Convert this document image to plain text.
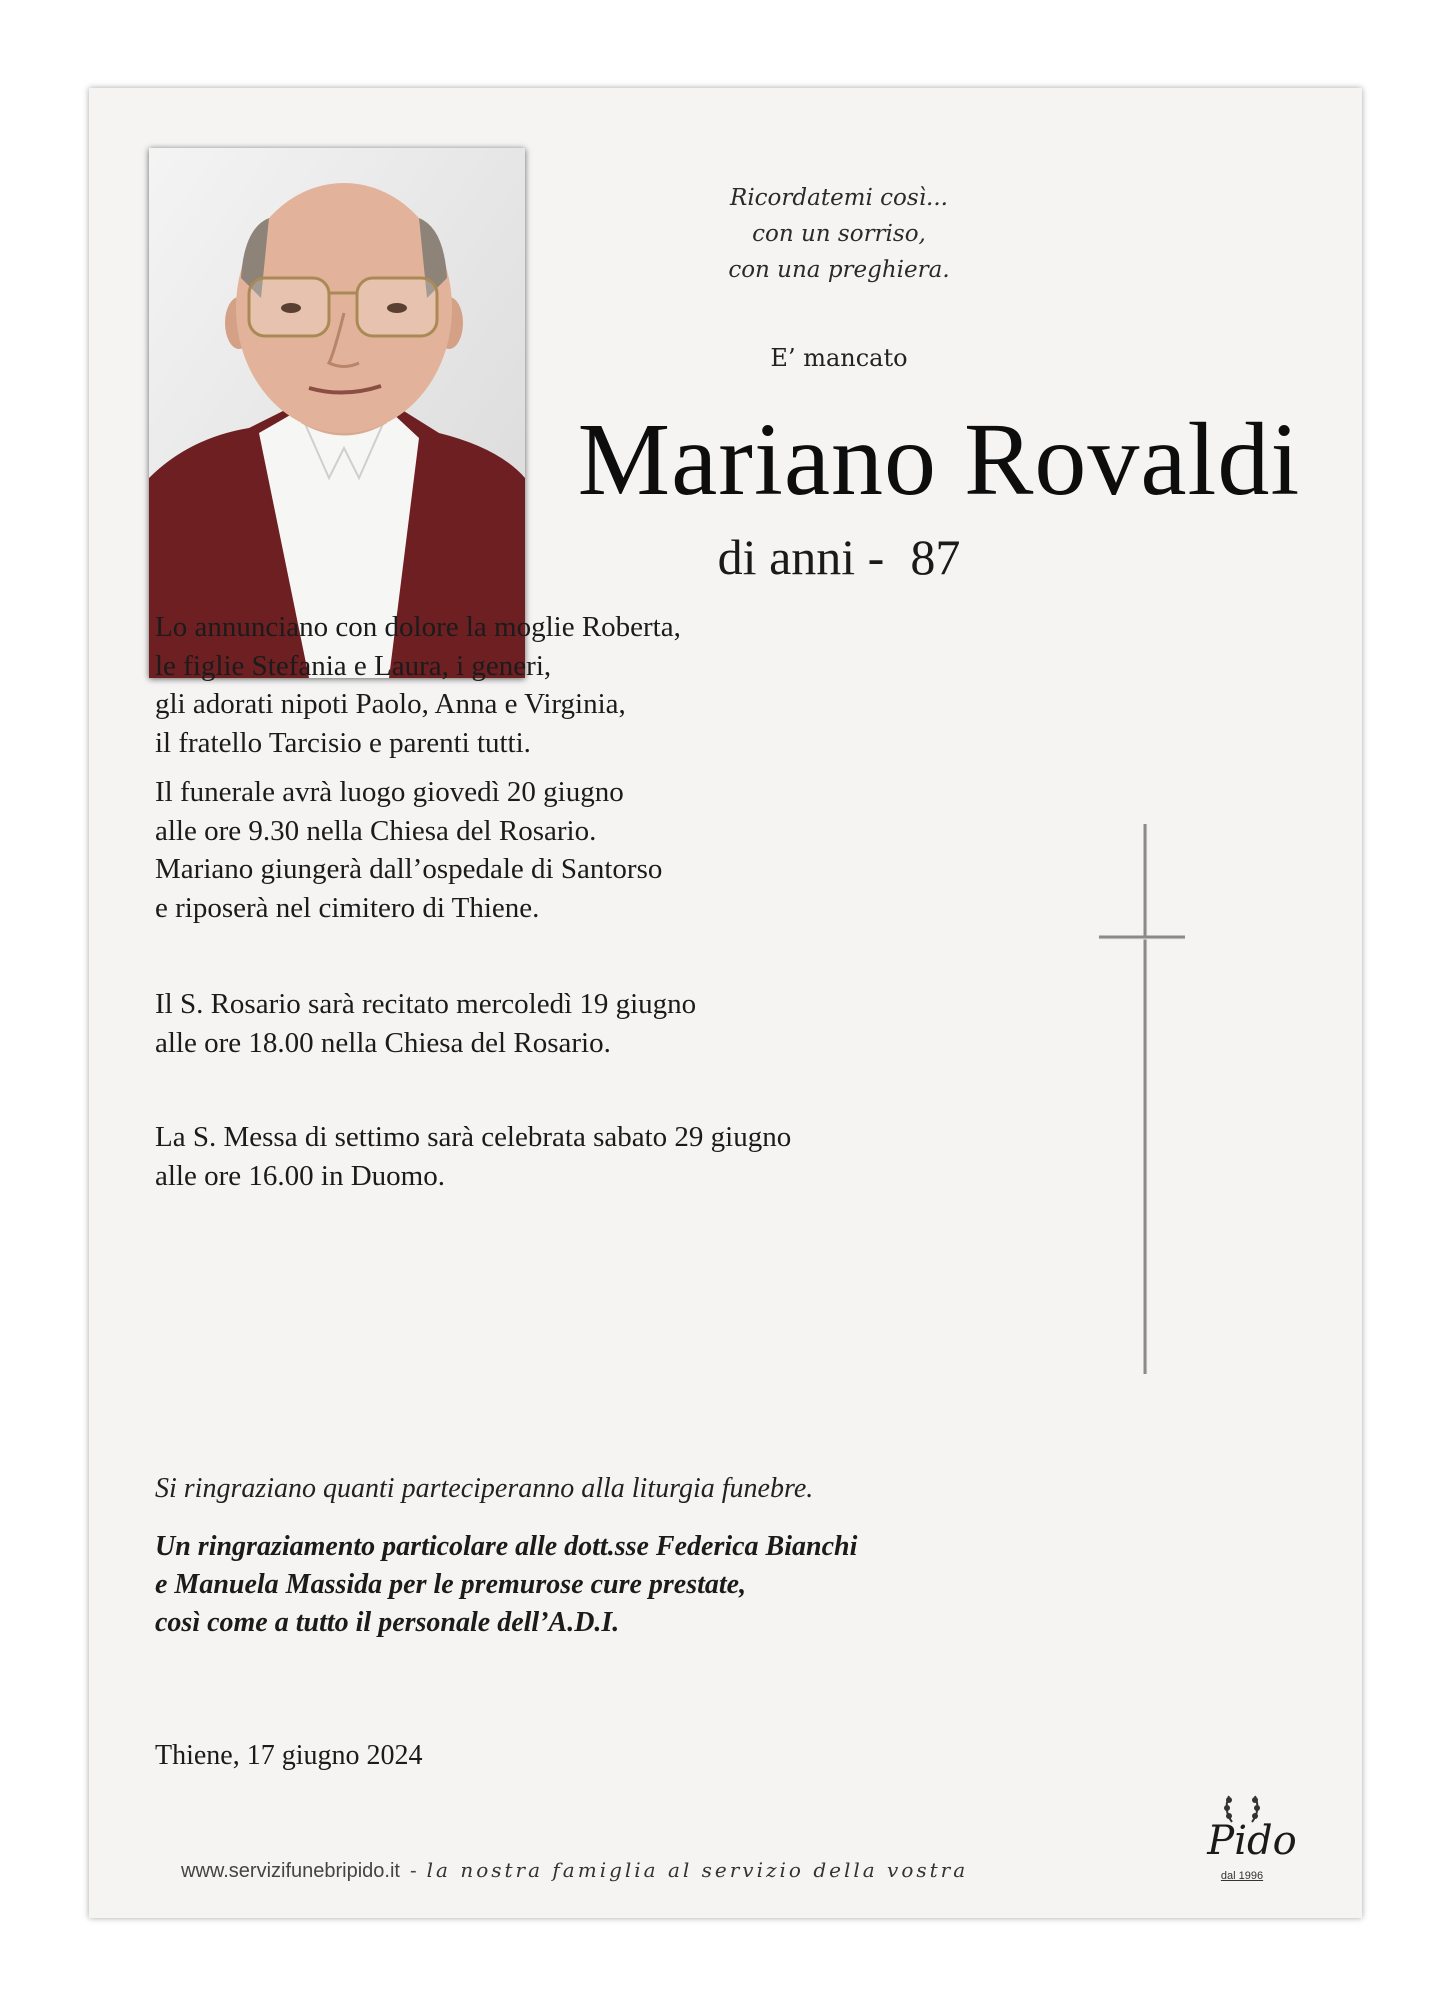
Ricordatemi così...
con un sorriso,
con una preghiera.
E’ mancato
Mariano Rovaldi
di anni - 87

Lo annunciano con dolore la moglie Roberta,

le figlie Stefania e Laura, i generi,

gli adorati nipoti Paolo, Anna e Virginia,

il fratello Tarcisio e parenti tutti.

Il funerale avrà luogo giovedì 20 giugno

alle ore 9.30 nella Chiesa del Rosario.

Mariano giungerà dall’ospedale di Santorso

e riposerà nel cimitero di Thiene.

Il S. Rosario sarà recitato mercoledì 19 giugno

alle ore 18.00 nella Chiesa del Rosario.

La S. Messa di settimo sarà celebrata sabato 29 giugno

alle ore 16.00 in Duomo.

Si ringraziano quanti parteciperanno alla liturgia funebre.

Un ringraziamento particolare alle dott.sse Federica Bianchi

e Manuela Massida per le premurose cure prestate,

così come a tutto il personale dell’A.D.I.

Thiene, 17 giugno 2024
www.servizifunebripido.it - la nostra famiglia al servizio della vostra
Pido
dal 1996
